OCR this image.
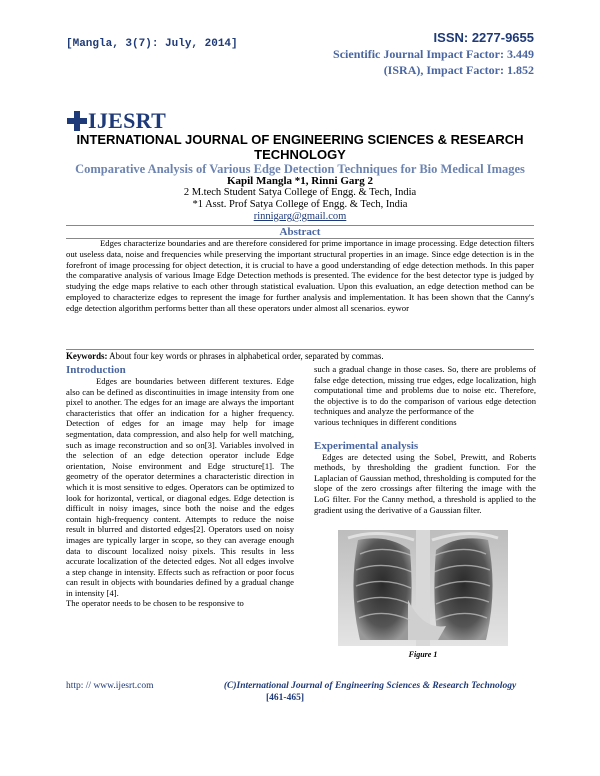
[Mangla, 3(7): July, 2014]	ISSN: 2277-9655
Scientific Journal Impact Factor: 3.449
(ISRA), Impact Factor: 1.852
IJESRT
INTERNATIONAL JOURNAL OF ENGINEERING SCIENCES & RESEARCH
TECHNOLOGY
Comparative Analysis of Various Edge Detection Techniques for Bio Medical Images
Kapil Mangla *1, Rinni Garg 2
2 M.tech Student Satya College of Engg. & Tech, India
*1 Asst. Prof Satya College of Engg. & Tech, India
rinnigarg@gmail.com
Abstract
Edges characterize boundaries and are therefore considered for prime importance in image processing. Edge detection filters out useless data, noise and frequencies while preserving the important structural properties in an image. Since edge detection is in the forefront of image processing for object detection, it is crucial to have a good understanding of edge detection methods. In this paper the comparative analysis of various Image Edge Detection methods is presented. The evidence for the best detector type is judged by studying the edge maps relative to each other through statistical evaluation. Upon this evaluation, an edge detection method can be employed to characterize edges to represent the image for further analysis and implementation. It has been shown that the Canny's edge detection algorithm performs better than all these operators under almost all scenarios. eywor
Keywords: About four key words or phrases in alphabetical order, separated by commas.
Introduction

Edges are boundaries between different textures. Edge also can be defined as discontinuities in image intensity from one pixel to another. The edges for an image are always the important characteristics that offer an indication for a higher frequency. Detection of edges for an image may help for image segmentation, data compression, and also help for well matching, such as image reconstruction and so on[3]. Variables involved in the selection of an edge detection operator include Edge orientation, Noise environment and Edge structure[1]. The geometry of the operator determines a characteristic direction in which it is most sensitive to edges. Operators can be optimized to look for horizontal, vertical, or diagonal edges. Edge detection is difficult in noisy images, since both the noise and the edges contain high-frequency content. Attempts to reduce the noise result in blurred and distorted edges[2]. Operators used on noisy images are typically larger in scope, so they can average enough data to discount localized noisy pixels. This results in less accurate localization of the detected edges. Not all edges involve a step change in intensity. Effects such as refraction or poor focus can result in objects with boundaries defined by a gradual change in intensity [4].

The operator needs to be chosen to be responsive to

such a gradual change in those cases. So, there are problems of false edge detection, missing true edges, edge localization, high computational time and problems due to noise etc. Therefore, the objective is to do the comparison of various edge detection techniques and analyze the performance of the

various techniques in different conditions

Experimental analysis

Edges are detected using the Sobel, Prewitt, and Roberts methods, by thresholding the gradient function. For the Laplacian of Gaussian method, thresholding is computed for the slope of the zero crossings after filtering the image with the LoG filter. For the Canny method, a threshold is applied to the gradient using the derivative of a Gaussian filter.

Figure 1
http: // www.ijesrt.com	(C)International Journal of Engineering Sciences & Research Technology
[461-465]
